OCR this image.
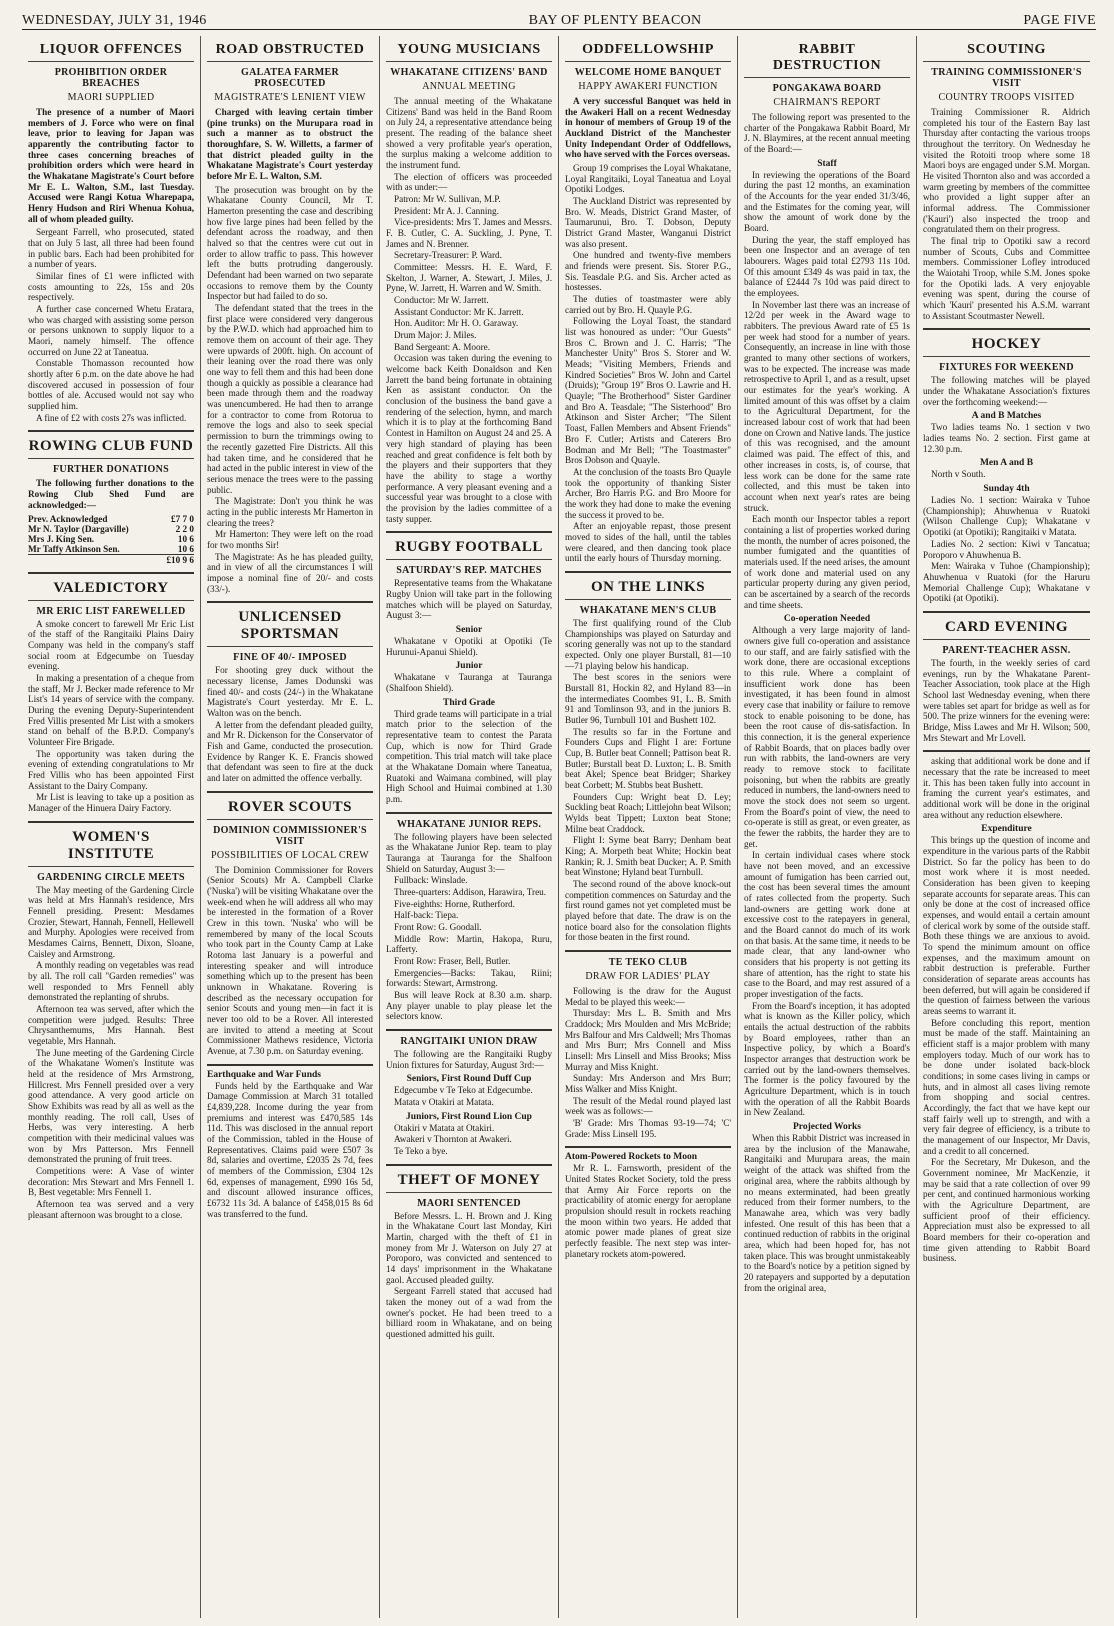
WEDNESDAY, JULY 31, 1946	BAY OF PLENTY BEACON	PAGE FIVE
LIQUOR OFFENCES
PROHIBITION ORDER BREACHES
MAORI SUPPLIED
The presence of a number of Maori members of J. Force who were on final leave, prior to leaving for Japan was apparently the contributing factor to three cases concerning breaches of prohibition orders which were heard in the Whakatane Magistrate's Court before Mr E. L. Walton, S.M., last Tuesday. Accused were Rangi Kotua Wharepapa, Henry Hudson and Riri Whenua Kohua, all of whom pleaded guilty.

Sergeant Farrell, who prosecuted, stated that on July 5 last, all three had been found in public bars. Each had been prohibited for a number of years.

Similar fines of £1 were inflicted with costs amounting to 22s, 15s and 20s respectively.

A further case concerned Whetu Eratara, who was charged with assisting some person or persons unknown to supply liquor to a Maori, namely himself. The offence occurred on June 22 at Taneatua.

Constable Thomasson recounted how shortly after 6 p.m. on the date above he had discovered accused in possession of four bottles of ale. Accused would not say who supplied him.

A fine of £2 with costs 27s was inflicted.

ROWING CLUB FUND
FURTHER DONATIONS
The following further donations to the Rowing Club Shed Fund are acknowledged:—
Prev. Acknowledged	£7 7 0
Mr N. Taylor (Dargaville)	2 2 0
Mrs J. King Sen.	10 6
Mr Taffy Atkinson Sen.	10 6
	£10 9 6
VALEDICTORY
MR ERIC LIST FAREWELLED

A smoke concert to farewell Mr Eric List of the staff of the Rangitaiki Plains Dairy Company was held in the company's staff social room at Edgecumbe on Tuesday evening.

In making a presentation of a cheque from the staff, Mr J. Becker made reference to Mr List's 14 years of service with the company. During the evening Deputy-Superintendent Fred Villis presented Mr List with a smokers stand on behalf of the B.P.D. Company's Volunteer Fire Brigade.

The opportunity was taken during the evening of extending congratulations to Mr Fred Villis who has been appointed First Assistant to the Dairy Company.

Mr List is leaving to take up a position as Manager of the Hinuera Dairy Factory.

WOMEN'S INSTITUTE
GARDENING CIRCLE MEETS

The May meeting of the Gardening Circle was held at Mrs Hannah's residence, Mrs Fennell presiding. Present: Mesdames Crozier, Stewart, Hannah, Fennell, Hellewell and Murphy. Apologies were received from Mesdames Cairns, Bennett, Dixon, Sloane, Caisley and Armstrong.

A monthly reading on vegetables was read by all. The roll call "Garden remedies" was well responded to Mrs Fennell ably demonstrated the replanting of shrubs.

Afternoon tea was served, after which the competition were judged. Results: Three Chrysanthemums, Mrs Hannah. Best vegetable, Mrs Hannah.

The June meeting of the Gardening Circle of the Whakatane Women's Institute was held at the residence of Mrs Armstrong, Hillcrest. Mrs Fennell presided over a very good attendance. A very good article on Show Exhibits was read by all as well as the monthly reading. The roll call, Uses of Herbs, was very interesting. A herb competition with their medicinal values was won by Mrs Patterson. Mrs Fennell demonstrated the pruning of fruit trees.

Competitions were: A Vase of winter decoration: Mrs Stewart and Mrs Fennell 1. B, Best vegetable: Mrs Fennell 1.

Afternoon tea was served and a very pleasant afternoon was brought to a close.

ROAD OBSTRUCTED
GALATEA FARMER PROSECUTED
MAGISTRATE'S LENIENT VIEW
Charged with leaving certain timber (pine trunks) on the Murupara road in such a manner as to obstruct the thoroughfare, S. W. Willetts, a farmer of that district pleaded guilty in the Whakatane Magistrate's Court yesterday before Mr E. L. Walton, S.M.

The prosecution was brought on by the Whakatane County Council, Mr T. Hamerton presenting the case and describing how five large pines had been felled by the defendant across the roadway, and then halved so that the centres were cut out in order to allow traffic to pass. This however left the butts protruding dangerously. Defendant had been warned on two separate occasions to remove them by the County Inspector but had failed to do so.

The defendant stated that the trees in the first place were considered very dangerous by the P.W.D. which had approached him to remove them on account of their age. They were upwards of 200ft. high. On account of their leaning over the road there was only one way to fell them and this had been done though a quickly as possible a clearance had been made through them and the roadway was unencumbered. He had then to arrange for a contractor to come from Rotorua to remove the logs and also to seek special permission to burn the trimmings owing to the recently gazetted Fire Districts. All this had taken time, and he considered that he had acted in the public interest in view of the serious menace the trees were to the passing public.

The Magistrate: Don't you think he was acting in the public interests Mr Hamerton in clearing the trees?

Mr Hamerton: They were left on the road for two months Sir!

The Magistrate: As he has pleaded guilty, and in view of all the circumstances I will impose a nominal fine of 20/- and costs (33/-).

UNLICENSED SPORTSMAN
FINE OF 40/- IMPOSED

For shooting grey duck without the necessary license, James Dodunski was fined 40/- and costs (24/-) in the Whakatane Magistrate's Court yesterday. Mr E. L. Walton was on the bench.

A letter from the defendant pleaded guilty, and Mr R. Dickenson for the Conservator of Fish and Game, conducted the prosecution. Evidence by Ranger K. E. Francis showed that defendant was seen to fire at the duck and later on admitted the offence verbally.

ROVER SCOUTS
DOMINION COMMISSIONER'S VISIT
POSSIBILITIES OF LOCAL CREW

The Dominion Commissioner for Rovers (Senior Scouts) Mr A. Campbell Clarke ('Nuska') will be visiting Whakatane over the week-end when he will address all who may be interested in the formation of a Rover Crew in this town. 'Nuska' who will be remembered by many of the local Scouts who took part in the County Camp at Lake Rotoma last January is a powerful and interesting speaker and will introduce something which up to the present has been unknown in Whakatane. Rovering is described as the necessary occupation for senior Scouts and young men—in fact it is never too old to be a Rover. All interested are invited to attend a meeting at Scout Commissioner Mathews residence, Victoria Avenue, at 7.30 p.m. on Saturday evening.

Earthquake and War Funds

Funds held by the Earthquake and War Damage Commission at March 31 totalled £4,839,228. Income during the year from premiums and interest was £470,585 14s 11d. This was disclosed in the annual report of the Commission, tabled in the House of Representatives. Claims paid were £507 3s 8d, salaries and overtime, £2035 2s 7d, fees of members of the Commission, £304 12s 6d, expenses of management, £990 16s 5d, and discount allowed insurance offices, £6732 11s 3d. A balance of £458,015 8s 6d was transferred to the fund.

YOUNG MUSICIANS
WHAKATANE CITIZENS' BAND
ANNUAL MEETING

The annual meeting of the Whakatane Citizens' Band was held in the Band Room on July 24, a representative attendance being present. The reading of the balance sheet showed a very profitable year's operation, the surplus making a welcome addition to the instrument fund.

The election of officers was proceeded with as under:—

Patron: Mr W. Sullivan, M.P.

President: Mr A. J. Canning.

Vice-presidents: Mrs T. James and Messrs. F. B. Cutler, C. A. Suckling, J. Pyne, T. James and N. Brenner.

Secretary-Treasurer: P. Ward.

Committee: Messrs. H. E. Ward, F. Skelton, J. Warner, A. Stewart, J. Miles, J. Pyne, W. Jarrett, H. Warren and W. Smith.

Conductor: Mr W. Jarrett.

Assistant Conductor: Mr K. Jarrett.

Hon. Auditor: Mr H. O. Garaway.

Drum Major: J. Miles.

Band Sergeant: A. Moore.

Occasion was taken during the evening to welcome back Keith Donaldson and Ken Jarrett the band being fortunate in obtaining Ken as assistant conductor. On the conclusion of the business the band gave a rendering of the selection, hymn, and march which it is to play at the forthcoming Band Contest in Hamilton on August 24 and 25. A very high standard of playing has been reached and great confidence is felt both by the players and their supporters that they have the ability to stage a worthy performance. A very pleasant evening and a successful year was brought to a close with the provision by the ladies committee of a tasty supper.

RUGBY FOOTBALL
SATURDAY'S REP. MATCHES

Representative teams from the Whakatane Rugby Union will take part in the following matches which will be played on Saturday, August 3:—

Senior

Whakatane v Opotiki at Opotiki (Te Hurunui-Apanui Shield).

Junior

Whakatane v Tauranga at Tauranga (Shalfoon Shield).

Third Grade

Third grade teams will participate in a trial match prior to the selection of the representative team to contest the Parata Cup, which is now for Third Grade competition. This trial match will take place at the Whakatane Domain where Taneatua, Ruatoki and Waimana combined, will play High School and Huimai combined at 1.30 p.m.

WHAKATANE JUNIOR REPS.

The following players have been selected as the Whakatane Junior Rep. team to play Tauranga at Tauranga for the Shalfoon Shield on Saturday, August 3:—

Fullback: Winslade.

Three-quarters: Addison, Harawira, Treu.

Five-eighths: Horne, Rutherford.

Half-back: Tiepa.

Front Row: G. Goodall.

Middle Row: Martin, Hakopa, Ruru, Lafferty.

Front Row: Fraser, Bell, Butler.

Emergencies—Backs: Takau, Riini; forwards: Stewart, Armstrong.

Bus will leave Rock at 8.30 a.m. sharp. Any player unable to play please let the selectors know.

RANGITAIKI UNION DRAW

The following are the Rangitaiki Rugby Union fixtures for Saturday, August 3rd:—

Seniors, First Round Duff Cup

Edgecumbe v Te Teko at Edgecumbe.

Matata v Otakiri at Matata.

Juniors, First Round Lion Cup

Otakiri v Matata at Otakiri.

Awakeri v Thornton at Awakeri.

Te Teko a bye.

THEFT OF MONEY
MAORI SENTENCED

Before Messrs. L. H. Brown and J. King in the Whakatane Court last Monday, Kiri Martin, charged with the theft of £1 in money from Mr J. Waterson on July 27 at Poroporo, was convicted and sentenced to 14 days' imprisonment in the Whakatane gaol. Accused pleaded guilty.

Sergeant Farrell stated that accused had taken the money out of a wad from the owner's pocket. He had been treed to a billiard room in Whakatane, and on being questioned admitted his guilt.

ODDFELLOWSHIP
WELCOME HOME BANQUET
HAPPY AWAKERI FUNCTION
A very successful Banquet was held in the Awakeri Hall on a recent Wednesday in honour of members of Group 19 of the Auckland District of the Manchester Unity Independant Order of Oddfellows, who have served with the Forces overseas.

Group 19 comprises the Loyal Whakatane, Loyal Rangitaiki, Loyal Taneatua and Loyal Opotiki Lodges.

The Auckland District was represented by Bro. W. Meads, District Grand Master, of Taumarunui, Bro. T. Dobson, Deputy District Grand Master, Wanganui District was also present.

One hundred and twenty-five members and friends were present. Sis. Storer P.G., Sis. Teasdale P.G. and Sis. Archer acted as hostesses.

The duties of toastmaster were ably carried out by Bro. H. Quayle P.G.

Following the Loyal Toast, the standard list was honoured as under: "Our Guests" Bros C. Brown and J. C. Harris; "The Manchester Unity" Bros S. Storer and W. Meads; "Visiting Members, Friends and Kindred Societies" Bros W. John and Cartel (Druids); "Group 19" Bros O. Lawrie and H. Quayle; "The Brotherhood" Sister Gardiner and Bro A. Teasdale; "The Sisterhood" Bro Atkinson and Sister Archer; "The Silent Toast, Fallen Members and Absent Friends" Bro F. Cutler; Artists and Caterers Bro Bodman and Mr Bell; "The Toastmaster" Bros Dobson and Quayle.

At the conclusion of the toasts Bro Quayle took the opportunity of thanking Sister Archer, Bro Harris P.G. and Bro Moore for the work they had done to make the evening the success it proved to be.

After an enjoyable repast, those present moved to sides of the hall, until the tables were cleared, and then dancing took place until the early hours of Thursday morning.

ON THE LINKS
WHAKATANE MEN'S CLUB

The first qualifying round of the Club Championships was played on Saturday and scoring generally was not up to the standard expected. Only one player Burstall, 81—10—71 playing below his handicap.

The best scores in the seniors were Burstall 81, Hockin 82, and Hyland 83—in the intermediates Coombes 91, L. B. Smith 91 and Tomlinson 93, and in the juniors B. Butler 96, Turnbull 101 and Bushett 102.

The results so far in the Fortune and Founders Cups and Flight I are: Fortune Cup, B. Butler beat Connell; Pattison beat R. Butler; Burstall beat D. Luxton; L. B. Smith beat Akel; Spence beat Bridger; Sharkey beat Corbett; M. Stubbs beat Bushett.

Founders Cup: Wright beat D. Ley; Suckling beat Roach; Littlejohn beat Wilson; Wylds beat Tippett; Luxton beat Stone; Milne beat Craddock.

Flight I: Syme beat Barry; Denham beat King; A. Morpeth beat White; Hockin beat Rankin; R. J. Smith beat Ducker; A. P. Smith beat Winstone; Hyland beat Turnbull.

The second round of the above knock-out competition commences on Saturday and the first round games not yet completed must be played before that date. The draw is on the notice board also for the consolation flights for those beaten in the first round.

TE TEKO CLUB
DRAW FOR LADIES' PLAY

Following is the draw for the August Medal to be played this week:—

Thursday: Mrs L. B. Smith and Mrs Craddock; Mrs Moulden and Mrs McBride; Mrs Balfour and Mrs Caldwell; Mrs Thomas and Mrs Burr; Mrs Connell and Miss Linsell: Mrs Linsell and Miss Brooks; Miss Murray and Miss Knight.

Sunday: Mrs Anderson and Mrs Burr; Miss Walker and Miss Knight.

The result of the Medal round played last week was as follows:—

'B' Grade: Mrs Thomas 93-19—74; 'C' Grade: Miss Linsell 195.

Atom-Powered Rockets to Moon

Mr R. L. Farnsworth, president of the United States Rocket Society, told the press that Army Air Force reports on the practicability of atomic energy for aeroplane propulsion should result in rockets reaching the moon within two years. He added that atomic power made planes of great size perfectly feasible. The next step was inter-planetary rockets atom-powered.

RABBIT DESTRUCTION
PONGAKAWA BOARD
CHAIRMAN'S REPORT

The following report was presented to the charter of the Pongakawa Rabbit Board, Mr J. N. Blaymires, at the recent annual meeting of the Board:—

Staff

In reviewing the operations of the Board during the past 12 months, an examination of the Accounts for the year ended 31/3/46, and the Estimates for the coming year, will show the amount of work done by the Board.

During the year, the staff employed has been one Inspector and an average of ten labourers. Wages paid total £2793 11s 10d. Of this amount £349 4s was paid in tax, the balance of £2444 7s 10d was paid direct to the employees.

In November last there was an increase of 12/2d per week in the Award wage to rabbiters. The previous Award rate of £5 1s per week had stood for a number of years. Consequently, an increase in line with those granted to many other sections of workers, was to be expected. The increase was made retrospective to April 1, and as a result, upset our estimates for the year's working. A limited amount of this was offset by a claim to the Agricultural Department, for the increased labour cost of work that had been done on Crown and Native lands. The justice of this was recognised, and the amount claimed was paid. The effect of this, and other increases in costs, is, of course, that less work can be done for the same rate collected, and this must be taken into account when next year's rates are being struck.

Each month our Inspector tables a report containing a list of properties worked during the month, the number of acres poisoned, the number fumigated and the quantities of materials used. If the need arises, the amount of work done and material used on any particular property during any given period, can be ascertained by a search of the records and time sheets.

Co-operation Needed

Although a very large majority of land-owners give full co-operation and assistance to our staff, and are fairly satisfied with the work done, there are occasional exceptions to this rule. Where a complaint of insufficient work done has been investigated, it has been found in almost every case that inability or failure to remove stock to enable poisoning to be done, has been the root cause of dis-satisfaction. In this connection, it is the general experience of Rabbit Boards, that on places badly over run with rabbits, the land-owners are very ready to remove stock to facilitate poisoning, but when the rabbits are greatly reduced in numbers, the land-owners need to move the stock does not seem so urgent. From the Board's point of view, the need to co-operate is still as great, or even greater, as the fewer the rabbits, the harder they are to get.

In certain individual cases where stock have not been moved, and an excessive amount of fumigation has been carried out, the cost has been several times the amount of rates collected from the property. Such land-owners are getting work done at excessive cost to the ratepayers in general, and the Board cannot do much of its work on that basis. At the same time, it needs to be made clear, that any land-owner who considers that his property is not getting its share of attention, has the right to state his case to the Board, and may rest assured of a proper investigation of the facts.

From the Board's inception, it has adopted what is known as the Killer policy, which entails the actual destruction of the rabbits by Board employees, rather than an Inspective policy, by which a Board's Inspector arranges that destruction work be carried out by the land-owners themselves. The former is the policy favoured by the Agriculture Department, which is in touch with the operation of all the Rabbit Boards in New Zealand.

Projected Works

When this Rabbit District was increased in area by the inclusion of the Manawahe, Rangitaiki and Murupara areas, the main weight of the attack was shifted from the original area, where the rabbits although by no means exterminated, had been greatly reduced from their former numbers, to the Manawahe area, which was very badly infested. One result of this has been that a continued reduction of rabbits in the original area, which had been hoped for, has not taken place. This was brought unmistakeably to the Board's notice by a petition signed by 20 ratepayers and supported by a deputation from the original area,

SCOUTING
TRAINING COMMISSIONER'S VISIT
COUNTRY TROOPS VISITED

Training Commissioner R. Aldrich completed his tour of the Eastern Bay last Thursday after contacting the various troops throughout the territory. On Wednesday he visited the Rotoiti troop where some 18 Maori boys are engaged under S.M. Morgan. He visited Thornton also and was accorded a warm greeting by members of the committee who provided a light supper after an informal address. The Commissioner ('Kauri') also inspected the troop and congratulated them on their progress.

The final trip to Opotiki saw a record number of Scouts, Cubs and Committee members. Commissioner Lofley introduced the Waiotahi Troop, while S.M. Jones spoke for the Opotiki lads. A very enjoyable evening was spent, during the course of which 'Kauri' presented his A.S.M. warrant to Assistant Scoutmaster Newell.

HOCKEY
FIXTURES FOR WEEKEND

The following matches will be played under the Whakatane Association's fixtures over the forthcoming weekend:—

A and B Matches

Two ladies teams No. 1 section v two ladies teams No. 2 section. First game at 12.30 p.m.

Men A and B

North v South.

Sunday 4th

Ladies No. 1 section: Wairaka v Tuhoe (Championship); Ahuwhenua v Ruatoki (Wilson Challenge Cup); Whakatane v Opotiki (at Opotiki); Rangitaiki v Matata.

Ladies No. 2 section: Kiwi v Tancatua; Poroporo v Ahuwhenua B.

Men: Wairaka v Tuhoe (Championship); Ahuwhenua v Ruatoki (for the Haruru Memorial Challenge Cup); Whakatane v Opotiki (at Opotiki).

CARD EVENING
PARENT-TEACHER ASSN.

The fourth, in the weekly series of card evenings, run by the Whakatane Parent-Teacher Association, took place at the High School last Wednesday evening, when there were tables set apart for bridge as well as for 500. The prize winners for the evening were: Bridge, Miss Lawes and Mr H. Wilson; 500, Mrs Stewart and Mr Lovell.

asking that additional work be done and if necessary that the rate be increased to meet it. This has been taken fully into account in framing the current year's estimates, and additional work will be done in the original area without any reduction elsewhere.

Expenditure

This brings up the question of income and expenditure in the various parts of the Rabbit District. So far the policy has been to do most work where it is most needed. Consideration has been given to keeping separate accounts for separate areas. This can only be done at the cost of increased office expenses, and would entail a certain amount of clerical work by some of the outside staff. Both these things we are anxious to avoid. To spend the minimum amount on office expenses, and the maximum amount on rabbit destruction is preferable. Further consideration of separate areas accounts has been deferred, but will again be considered if the question of fairness between the various areas seems to warrant it.

Before concluding this report, mention must be made of the staff. Maintaining an efficient staff is a major problem with many employers today. Much of our work has to be done under isolated back-block conditions; in some cases living in camps or huts, and in almost all cases living remote from shopping and social centres. Accordingly, the fact that we have kept our staff fairly well up to strength, and with a very fair degree of efficiency, is a tribute to the management of our Inspector, Mr Davis, and a credit to all concerned.

For the Secretary, Mr Dukeson, and the Government nominee, Mr MacKenzie, it may be said that a rate collection of over 99 per cent, and continued harmonious working with the Agriculture Department, are sufficient proof of their efficiency. Appreciation must also be expressed to all Board members for their co-operation and time given attending to Rabbit Board business.
